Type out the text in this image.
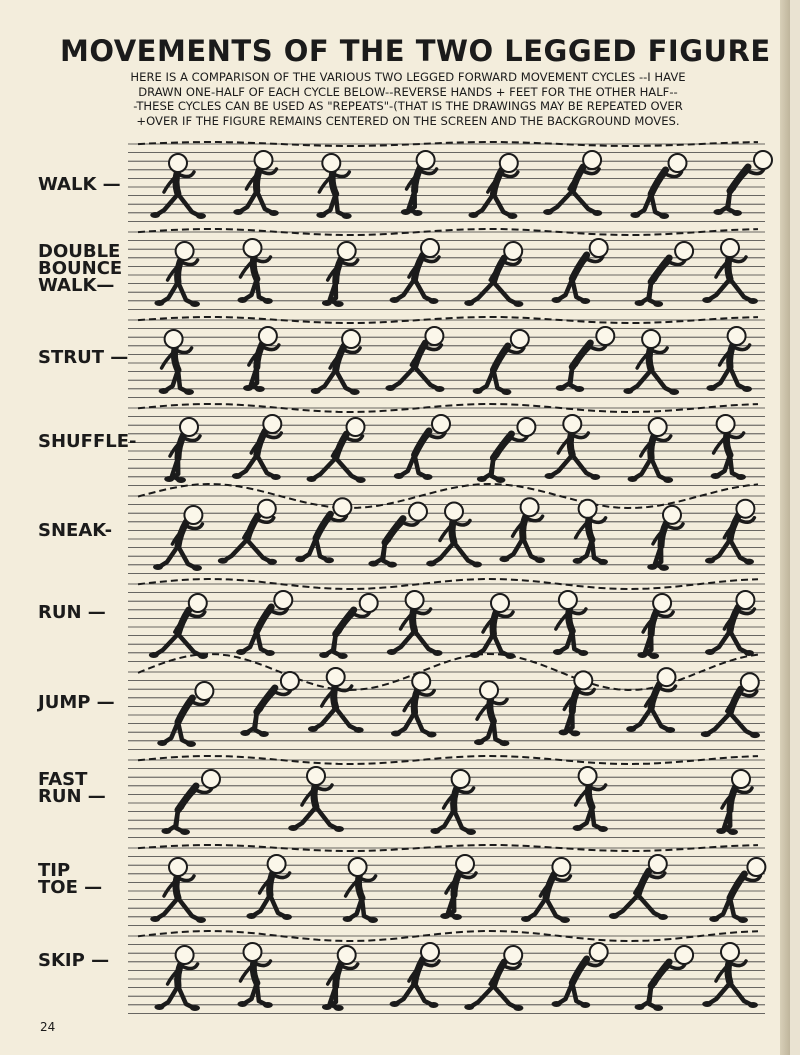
MOVEMENTS OF THE TWO LEGGED FIGURE
HERE IS A COMPARISON OF THE VARIOUS TWO LEGGED FORWARD MOVEMENT CYCLES --I HAVE
DRAWN ONE-HALF OF EACH CYCLE BELOW--REVERSE HANDS + FEET FOR THE OTHER HALF--
-THESE CYCLES CAN BE USED AS "REPEATS"-(THAT IS THE DRAWINGS MAY BE REPEATED OVER
+OVER IF THE FIGURE REMAINS CENTERED ON THE SCREEN AND THE BACKGROUND MOVES.
WALK —
DOUBLE
BOUNCE
WALK—
STRUT —
SHUFFLE-
SNEAK-
RUN —
JUMP —
FAST
RUN —
TIP
TOE —
SKIP —
24
